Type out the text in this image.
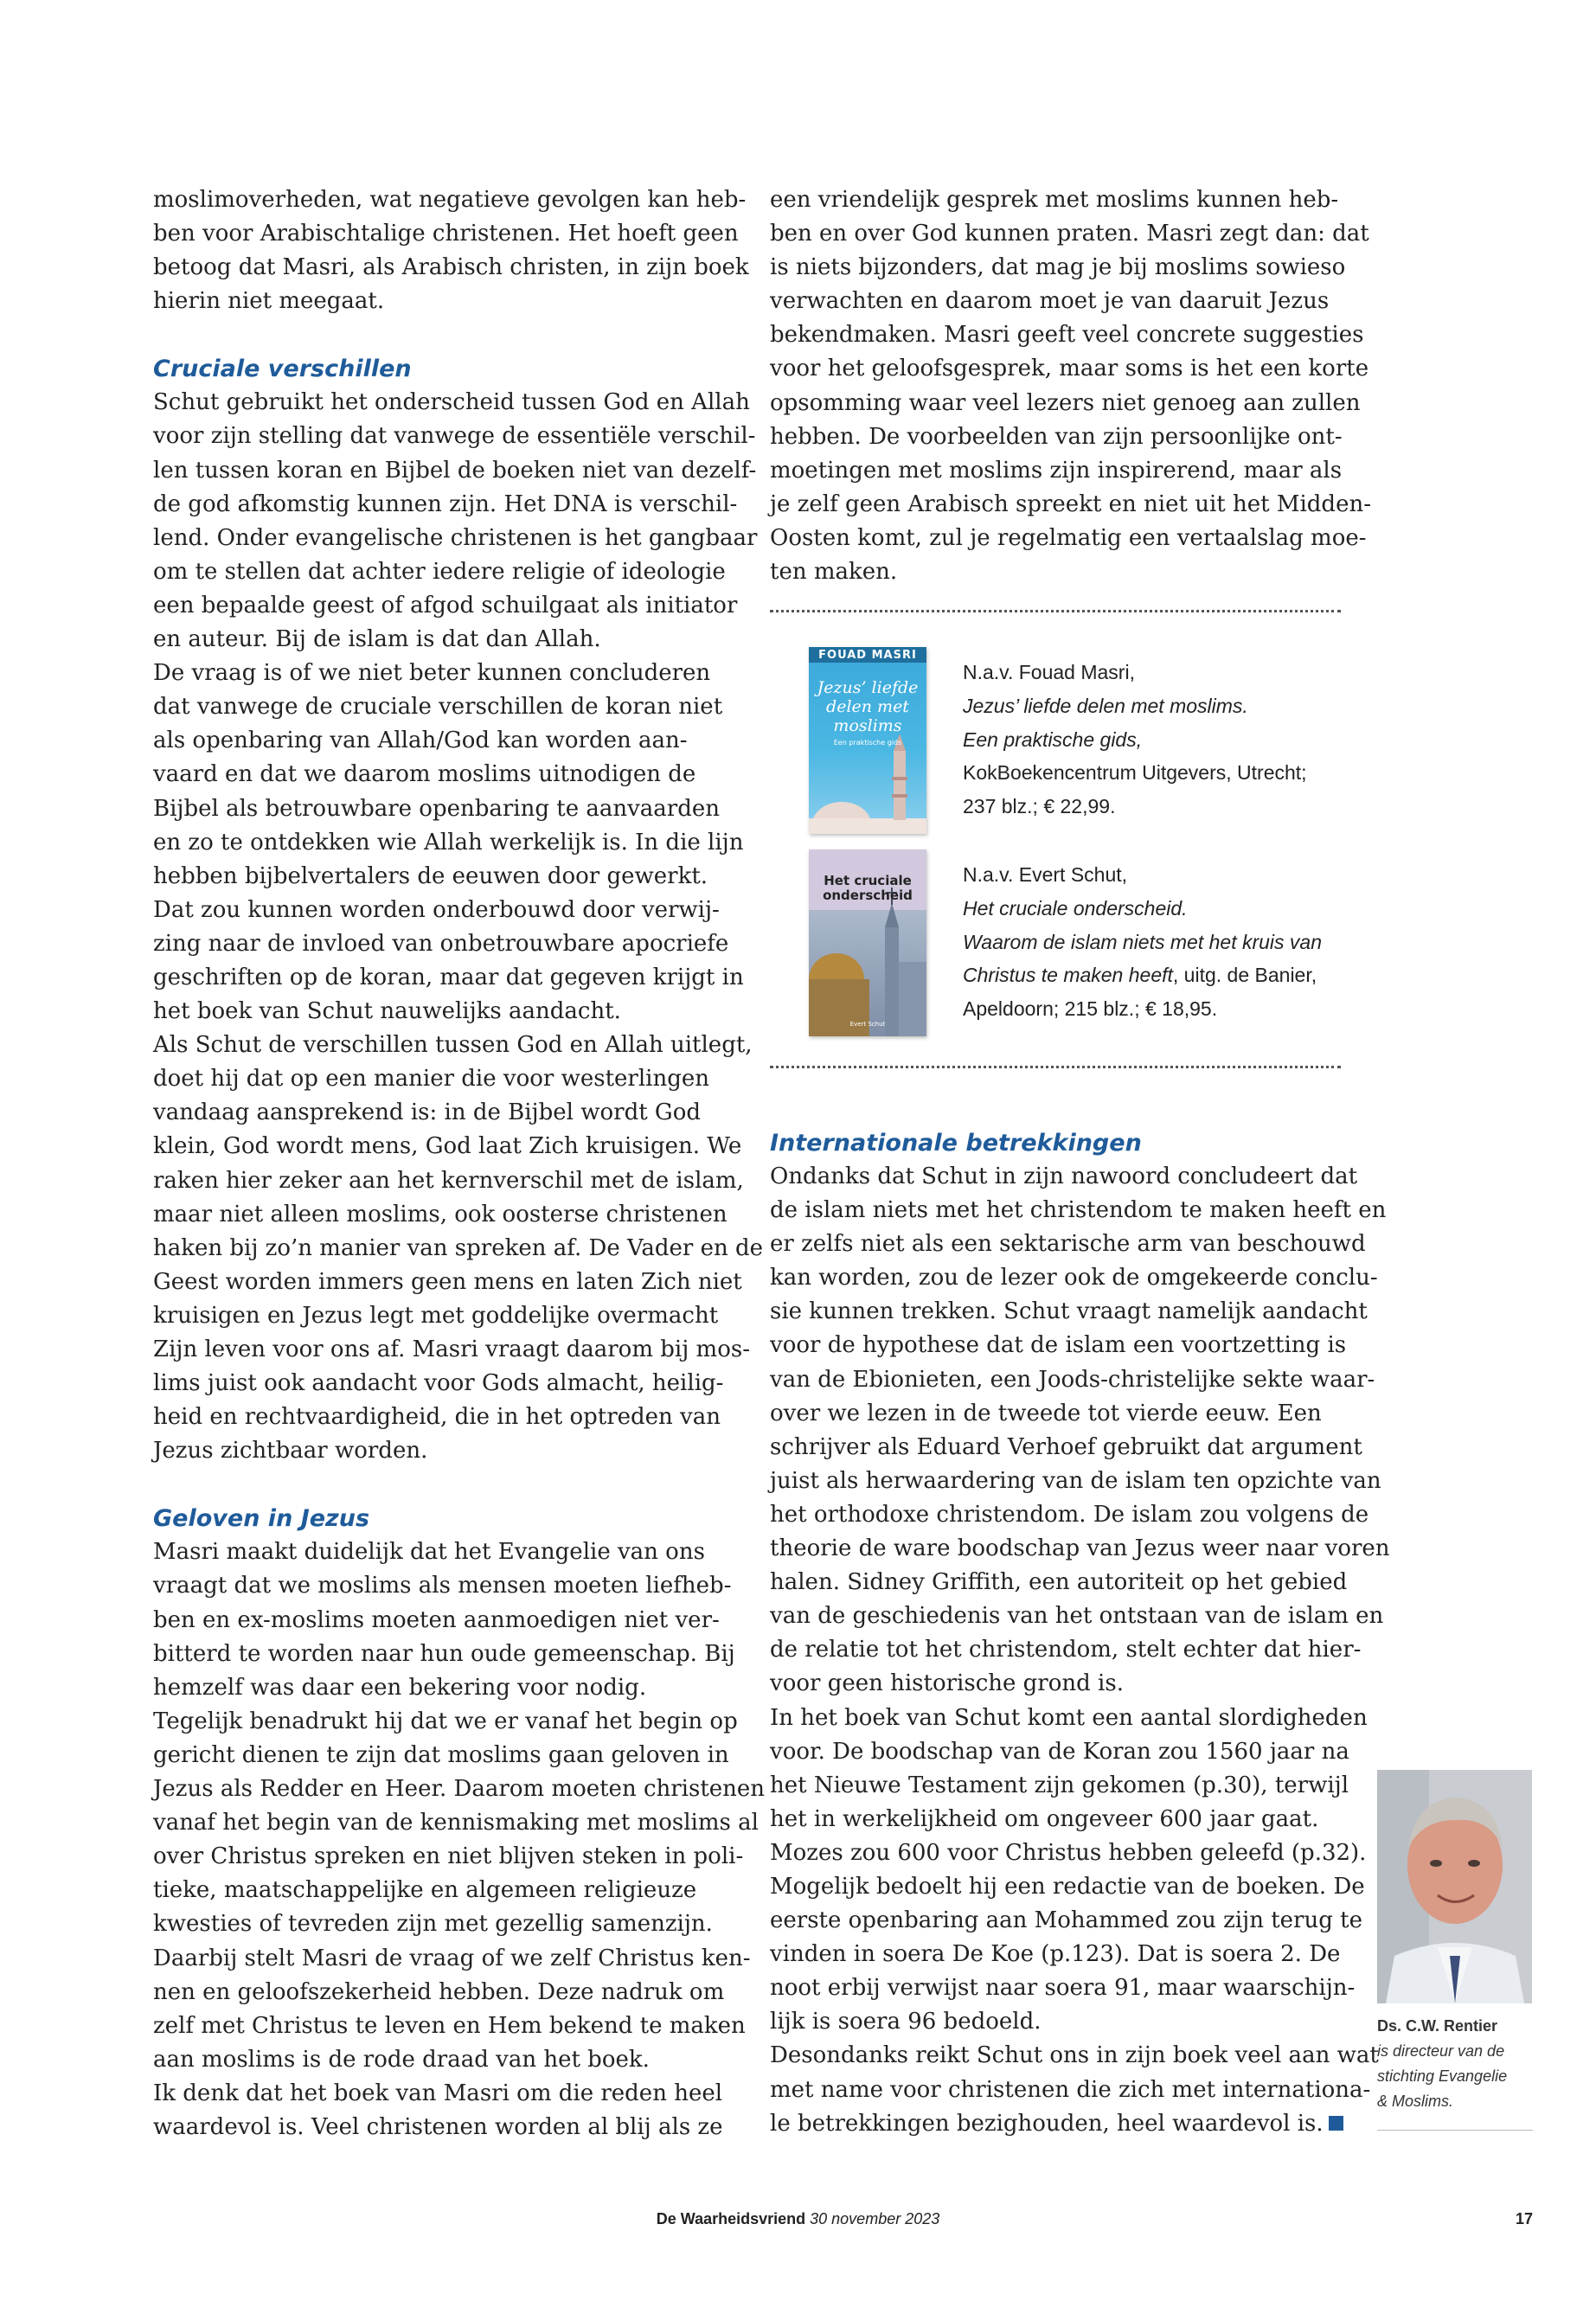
moslimoverheden, wat negatieve gevolgen kan heb-
ben voor Arabischtalige christenen. Het hoeft geen
betoog dat Masri, als Arabisch christen, in zijn boek
hierin niet meegaat.

Cruciale verschillen

Schut gebruikt het onderscheid tussen God en Allah
voor zijn stelling dat vanwege de essentiële verschil-
len tussen koran en Bijbel de boeken niet van dezelf-
de god afkomstig kunnen zijn. Het DNA is verschil-
lend. Onder evangelische christenen is het gangbaar
om te stellen dat achter iedere religie of ideologie
een bepaalde geest of afgod schuilgaat als initiator
en auteur. Bij de islam is dat dan Allah.

De vraag is of we niet beter kunnen concluderen
dat vanwege de cruciale verschillen de koran niet
als openbaring van Allah/God kan worden aan-
vaard en dat we daarom moslims uitnodigen de
Bijbel als betrouwbare openbaring te aanvaarden
en zo te ontdekken wie Allah werkelijk is. In die lijn
hebben bijbelvertalers de eeuwen door gewerkt.
Dat zou kunnen worden onderbouwd door verwij-
zing naar de invloed van onbetrouwbare apocriefe
geschriften op de koran, maar dat gegeven krijgt in
het boek van Schut nauwelijks aandacht.

Als Schut de verschillen tussen God en Allah uitlegt,
doet hij dat op een manier die voor westerlingen
vandaag aansprekend is: in de Bijbel wordt God
klein, God wordt mens, God laat Zich kruisigen. We
raken hier zeker aan het kernverschil met de islam,
maar niet alleen moslims, ook oosterse christenen
haken bij zo’n manier van spreken af. De Vader en de
Geest worden immers geen mens en laten Zich niet
kruisigen en Jezus legt met goddelijke overmacht
Zijn leven voor ons af. Masri vraagt daarom bij mos-
lims juist ook aandacht voor Gods almacht, heilig-
heid en rechtvaardigheid, die in het optreden van
Jezus zichtbaar worden.

Geloven in Jezus

Masri maakt duidelijk dat het Evangelie van ons
vraagt dat we moslims als mensen moeten liefheb-
ben en ex-moslims moeten aanmoedigen niet ver-
bitterd te worden naar hun oude gemeenschap. Bij
hemzelf was daar een bekering voor nodig.

Tegelijk benadrukt hij dat we er vanaf het begin op
gericht dienen te zijn dat moslims gaan geloven in
Jezus als Redder en Heer. Daarom moeten christenen
vanaf het begin van de kennismaking met moslims al
over Christus spreken en niet blijven steken in poli-
tieke, maatschappelijke en algemeen religieuze
kwesties of tevreden zijn met gezellig samenzijn.
Daarbij stelt Masri de vraag of we zelf Christus ken-
nen en geloofszekerheid hebben. Deze nadruk om
zelf met Christus te leven en Hem bekend te maken
aan moslims is de rode draad van het boek.

Ik denk dat het boek van Masri om die reden heel
waardevol is. Veel christenen worden al blij als ze

een vriendelijk gesprek met moslims kunnen heb-
ben en over God kunnen praten. Masri zegt dan: dat
is niets bijzonders, dat mag je bij moslims sowieso
verwachten en daarom moet je van daaruit Jezus
bekendmaken. Masri geeft veel concrete suggesties
voor het geloofsgesprek, maar soms is het een korte
opsomming waar veel lezers niet genoeg aan zullen
hebben. De voorbeelden van zijn persoonlijke ont-
moetingen met moslims zijn inspirerend, maar als
je zelf geen Arabisch spreekt en niet uit het Midden-
Oosten komt, zul je regelmatig een vertaalslag moe-
ten maken.

FOUAD MASRI
Jezus’ liefde
delen met
moslims
Een praktische gids

N.a.v. Fouad Masri,

Jezus’ liefde delen met moslims.

Een praktische gids,

KokBoekencentrum Uitgevers, Utrecht;

237 blz.; € 22,99.

Het cruciale
onderscheid
Evert Schut

N.a.v. Evert Schut,

Het cruciale onderscheid.

Waarom de islam niets met het kruis van

Christus te maken heeft, uitg. de Banier,

Apeldoorn; 215 blz.; € 18,95.

Internationale betrekkingen

Ondanks dat Schut in zijn nawoord concludeert dat
de islam niets met het christendom te maken heeft en
er zelfs niet als een sektarische arm van beschouwd
kan worden, zou de lezer ook de omgekeerde conclu-
sie kunnen trekken. Schut vraagt namelijk aandacht
voor de hypothese dat de islam een voortzetting is
van de Ebionieten, een Joods-christelijke sekte waar-
over we lezen in de tweede tot vierde eeuw. Een
schrijver als Eduard Verhoef gebruikt dat argument
juist als herwaardering van de islam ten opzichte van
het orthodoxe christendom. De islam zou volgens de
theorie de ware boodschap van Jezus weer naar voren
halen. Sidney Griffith, een autoriteit op het gebied
van de geschiedenis van het ontstaan van de islam en
de relatie tot het christendom, stelt echter dat hier-
voor geen historische grond is.

In het boek van Schut komt een aantal slordigheden
voor. De boodschap van de Koran zou 1560 jaar na
het Nieuwe Testament zijn gekomen (p.30), terwijl
het in werkelijkheid om ongeveer 600 jaar gaat.
Mozes zou 600 voor Christus hebben geleefd (p.32).
Mogelijk bedoelt hij een redactie van de boeken. De
eerste openbaring aan Mohammed zou zijn terug te
vinden in soera De Koe (p.123). Dat is soera 2. De
noot erbij verwijst naar soera 91, maar waarschijn-
lijk is soera 96 bedoeld.

Desondanks reikt Schut ons in zijn boek veel aan wat
met name voor christenen die zich met internationa-
le betrekkingen bezighouden, heel waardevol is.

Ds. C.W. Rentier

is directeur van de

stichting Evangelie

& Moslims.

De Waarheidsvriend 30 november 2023	17
